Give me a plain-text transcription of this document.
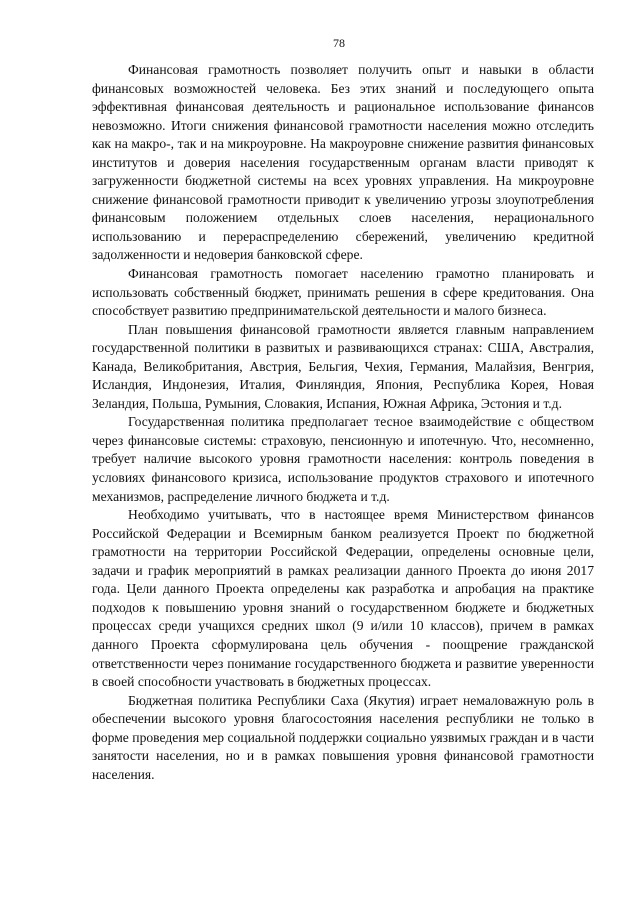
78

Финансовая грамотность позволяет получить опыт и навыки в области финансовых возможностей человека. Без этих знаний и последующего опыта эффективная финансовая деятельность и рациональное использование финансов невозможно. Итоги снижения финансовой грамотности населения можно отследить как на макро-, так и на микроуровне. На макроуровне снижение развития финансовых институтов и доверия населения государственным органам власти приводят к загруженности бюджетной системы на всех уровнях управления. На микроуровне снижение финансовой грамотности приводит к увеличению угрозы злоупотребления финансовым положением отдельных слоев населения, нерационального использованию и перераспределению сбережений, увеличению кредитной задолженности и недоверия банковской сфере.

Финансовая грамотность помогает населению грамотно планировать и использовать собственный бюджет, принимать решения в сфере кредитования. Она способствует развитию предпринимательской деятельности и малого бизнеса.

План повышения финансовой грамотности является главным направлением государственной политики в развитых и развивающихся странах: США, Австралия, Канада, Великобритания, Австрия, Бельгия, Чехия, Германия, Малайзия, Венгрия, Исландия, Индонезия, Италия, Финляндия, Япония, Республика Корея, Новая Зеландия, Польша, Румыния, Словакия, Испания, Южная Африка, Эстония и т.д.

Государственная политика предполагает тесное взаимодействие с обществом через финансовые системы: страховую, пенсионную и ипотечную. Что, несомненно, требует наличие высокого уровня грамотности населения: контроль поведения в условиях финансового кризиса, использование продуктов страхового и ипотечного механизмов, распределение личного бюджета и т.д.

Необходимо учитывать, что в настоящее время Министерством финансов Российской Федерации и Всемирным банком реализуется Проект по бюджетной грамотности на территории Российской Федерации, определены основные цели, задачи и график мероприятий в рамках реализации данного Проекта до июня 2017 года. Цели данного Проекта определены как разработка и апробация на практике подходов к повышению уровня знаний о государственном бюджете и бюджетных процессах среди учащихся средних школ (9 и/или 10 классов), причем в рамках данного Проекта сформулирована цель обучения - поощрение гражданской ответственности через понимание государственного бюджета и развитие уверенности в своей способности участвовать в бюджетных процессах.

Бюджетная политика Республики Саха (Якутия) играет немаловажную роль в обеспечении высокого уровня благосостояния населения республики не только в форме проведения мер социальной поддержки социально уязвимых граждан и в части занятости населения, но и в рамках повышения уровня финансовой грамотности населения.
